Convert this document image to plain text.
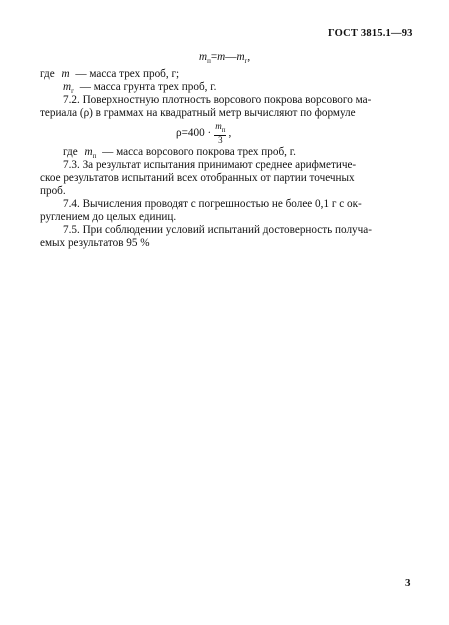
ГОСТ 3815.1—93
$m_п=m—m_г$,
где m — масса трех проб, г;
$m_г$ — масса грунта трех проб, г.
7.2. Поверхностную плотность ворсового покрова ворсового ма-
териала (ρ) в граммах на квадратный метр вычисляют по формуле
$\rho=400 \cdot \frac{m_п}{3}$ ,
где $m_п$ — масса ворсового покрова трех проб, г.
7.3. За результат испытания принимают среднее арифметиче-
ское результатов испытаний всех отобранных от партии точечных
проб.
7.4. Вычисления проводят с погрешностью не более 0,1 г с ок-
руглением до целых единиц.
7.5. При соблюдении условий испытаний достоверность получа-
емых результатов 95 %
3
